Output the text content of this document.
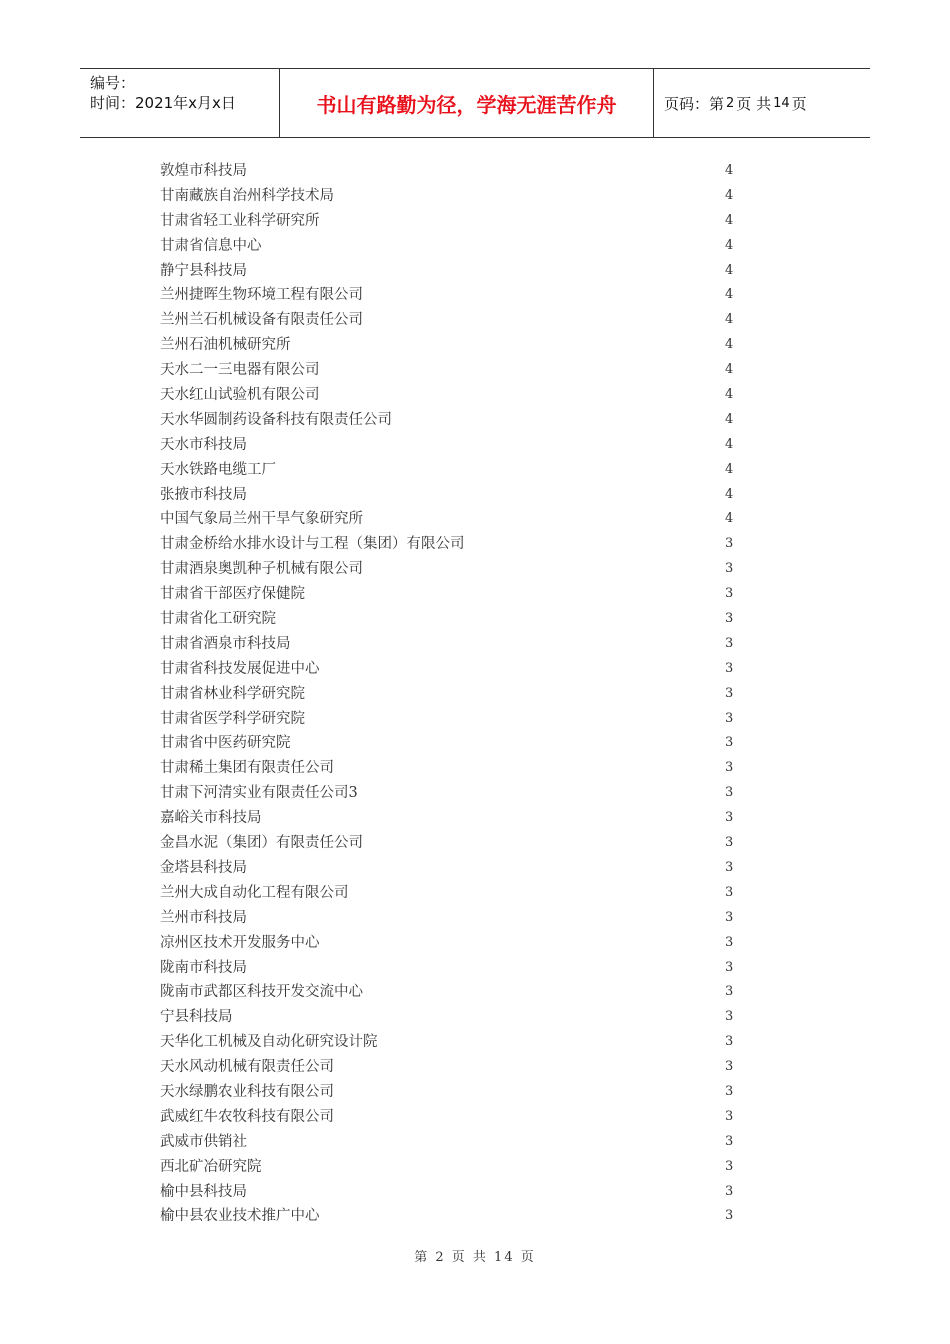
编号：
时间：2021年x月x日	书山有路勤为径，学海无涯苦作舟	页码：第 2 页 共 14 页
敦煌市科技局	4
甘南藏族自治州科学技术局	4
甘肃省轻工业科学研究所	4
甘肃省信息中心	4
静宁县科技局	4
兰州捷晖生物环境工程有限公司	4
兰州兰石机械设备有限责任公司	4
兰州石油机械研究所	4
天水二一三电器有限公司	4
天水红山试验机有限公司	4
天水华圆制药设备科技有限责任公司	4
天水市科技局	4
天水铁路电缆工厂	4
张掖市科技局	4
中国气象局兰州干旱气象研究所	4
甘肃金桥给水排水设计与工程（集团）有限公司	3
甘肃酒泉奥凯种子机械有限公司	3
甘肃省干部医疗保健院	3
甘肃省化工研究院	3
甘肃省酒泉市科技局	3
甘肃省科技发展促进中心	3
甘肃省林业科学研究院	3
甘肃省医学科学研究院	3
甘肃省中医药研究院	3
甘肃稀土集团有限责任公司	3
甘肃下河清实业有限责任公司3	3
嘉峪关市科技局	3
金昌水泥（集团）有限责任公司	3
金塔县科技局	3
兰州大成自动化工程有限公司	3
兰州市科技局	3
凉州区技术开发服务中心	3
陇南市科技局	3
陇南市武都区科技开发交流中心	3
宁县科技局	3
天华化工机械及自动化研究设计院	3
天水风动机械有限责任公司	3
天水绿鹏农业科技有限公司	3
武威红牛农牧科技有限公司	3
武威市供销社	3
西北矿冶研究院	3
榆中县科技局	3
榆中县农业技术推广中心	3
第 2 页 共 14 页
